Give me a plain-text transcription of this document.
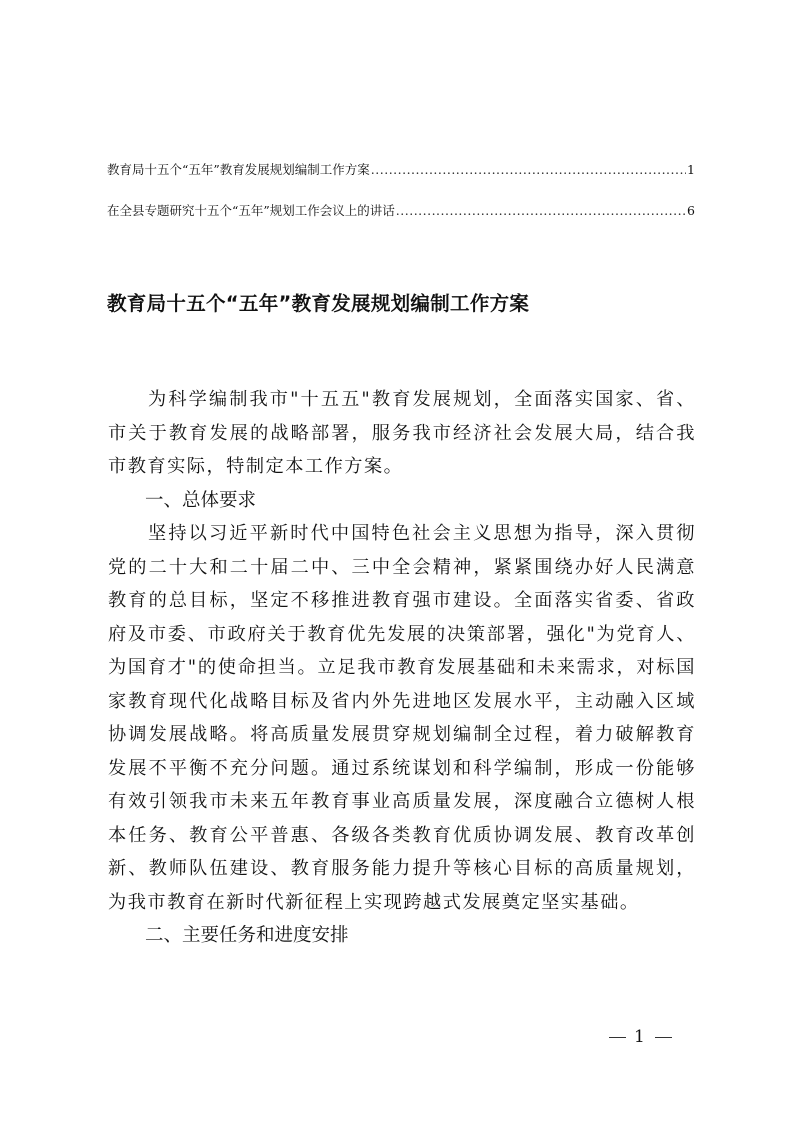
教育局十五个“五年”教育发展规划编制工作方案 .....	1
在全县专题研究十五个“五年”规划工作会议上的讲话 .....	6
教育局十五个“五年”教育发展规划编制工作方案

为科学编制我市"十五五"教育发展规划，全面落实国家、省、市关于教育发展的战略部署，服务我市经济社会发展大局，结合我市教育实际，特制定本工作方案。

一、总体要求

坚持以习近平新时代中国特色社会主义思想为指导，深入贯彻党的二十大和二十届二中、三中全会精神，紧紧围绕办好人民满意教育的总目标，坚定不移推进教育强市建设。全面落实省委、省政府及市委、市政府关于教育优先发展的决策部署，强化"为党育人、为国育才"的使命担当。立足我市教育发展基础和未来需求，对标国家教育现代化战略目标及省内外先进地区发展水平，主动融入区域协调发展战略。将高质量发展贯穿规划编制全过程，着力破解教育发展不平衡不充分问题。通过系统谋划和科学编制，形成一份能够有效引领我市未来五年教育事业高质量发展，深度融合立德树人根本任务、教育公平普惠、各级各类教育优质协调发展、教育改革创新、教师队伍建设、教育服务能力提升等核心目标的高质量规划，为我市教育在新时代新征程上实现跨越式发展奠定坚实基础。

二、主要任务和进度安排
1
